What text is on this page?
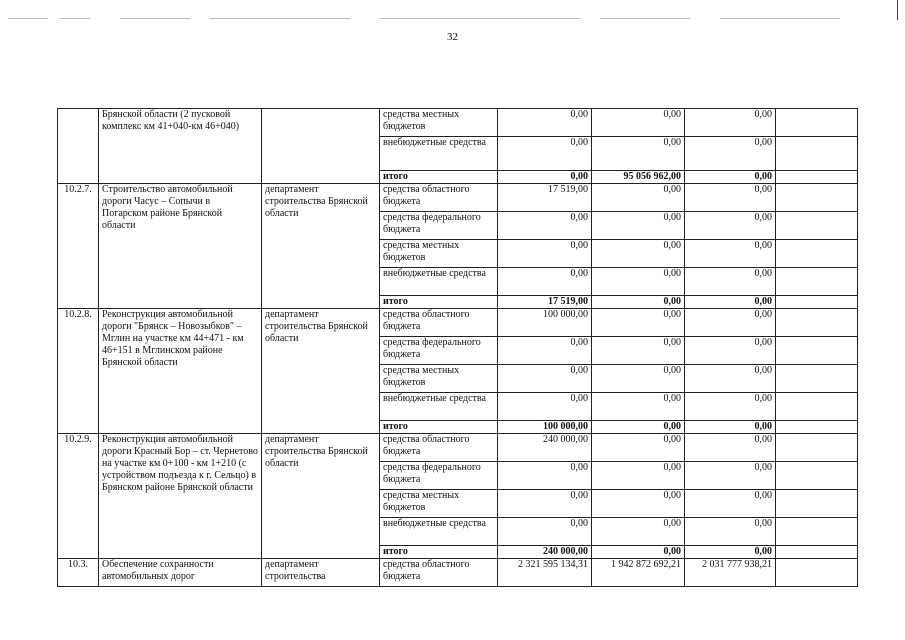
32
	Брянской области (2 пусковой комплекс км 41+040-км 46+040)		средства местных бюджетов	0,00	0,00	0,00	
			внебюджетные средства	0,00	0,00	0,00	
			итого	0,00	95 056 962,00	0,00	
10.2.7.	Строительство автомобильной дороги Часус – Сопычи в Погарском районе Брянской области	департамент строительства Брянской области	средства областного бюджета	17 519,00	0,00	0,00	
			средства федерального бюджета	0,00	0,00	0,00	
			средства местных бюджетов	0,00	0,00	0,00	
			внебюджетные средства	0,00	0,00	0,00	
			итого	17 519,00	0,00	0,00	
10.2.8.	Реконструкция автомобильной дороги "Брянск – Новозыбков" – Мглин на участке км 44+471 - км 46+151 в Мглинском районе Брянской области	департамент строительства Брянской области	средства областного бюджета	100 000,00	0,00	0,00	
			средства федерального бюджета	0,00	0,00	0,00	
			средства местных бюджетов	0,00	0,00	0,00	
			внебюджетные средства	0,00	0,00	0,00	
			итого	100 000,00	0,00	0,00	
10.2.9.	Реконструкция автомобильной дороги Красный Бор – ст. Чернетово на участке км 0+100 - км 1+210 (с устройством подъезда к г. Сельцо) в Брянском районе Брянской области	департамент строительства Брянской области	средства областного бюджета	240 000,00	0,00	0,00	
			средства федерального бюджета	0,00	0,00	0,00	
			средства местных бюджетов	0,00	0,00	0,00	
			внебюджетные средства	0,00	0,00	0,00	
			итого	240 000,00	0,00	0,00	
10.3.	Обеспечение сохранности автомобильных дорог	департамент строительства	средства областного бюджета	2 321 595 134,31	1 942 872 692,21	2 031 777 938,21	
